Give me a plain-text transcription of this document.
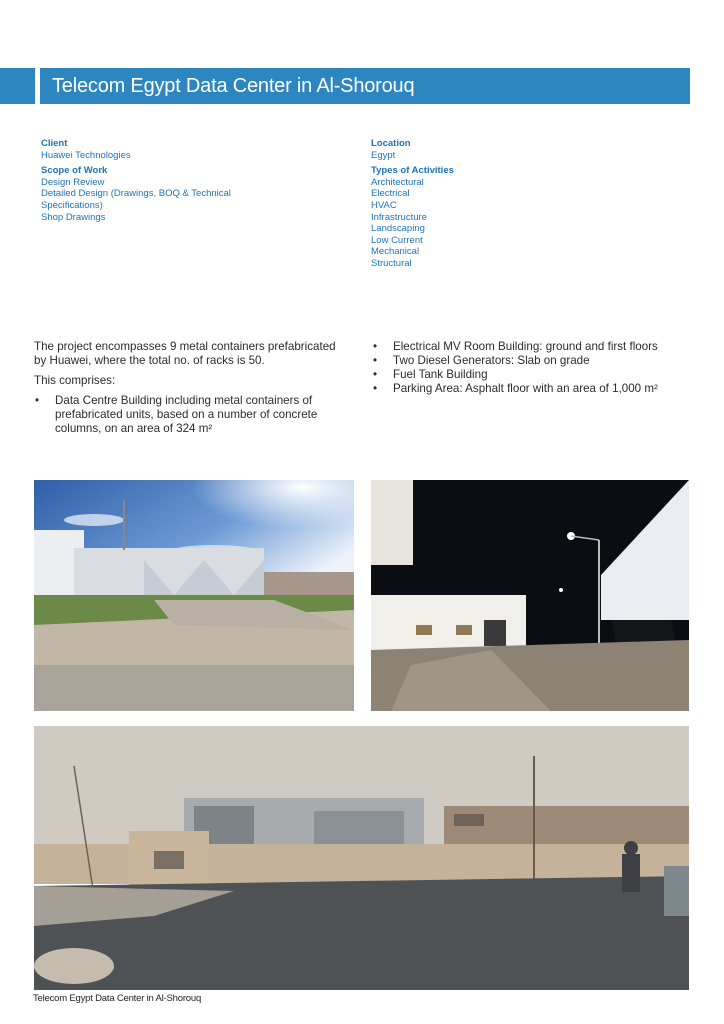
Telecom Egypt Data Center in Al-Shorouq
Client
Huawei Technologies
Scope of Work
Design Review
Detailed Design (Drawings, BOQ & Technical
Specifications)
Shop Drawings
Location
Egypt
Types of Activities
Architectural
Electrical
HVAC
Infrastructure
Landscaping
Low Current
Mechanical
Structural

The project encompasses 9 metal containers prefabricated by Huawei, where the total no. of racks is 50.

This comprises:

• Data Centre Building including metal containers of prefabricated units, based on a number of concrete columns, on an area of 324 m²
• Electrical MV Room Building: ground and first floors
• Two Diesel Generators: Slab on grade
• Fuel Tank Building
• Parking Area: Asphalt floor with an area of 1,000 m²
Telecom Egypt Data Center in Al-Shorouq
